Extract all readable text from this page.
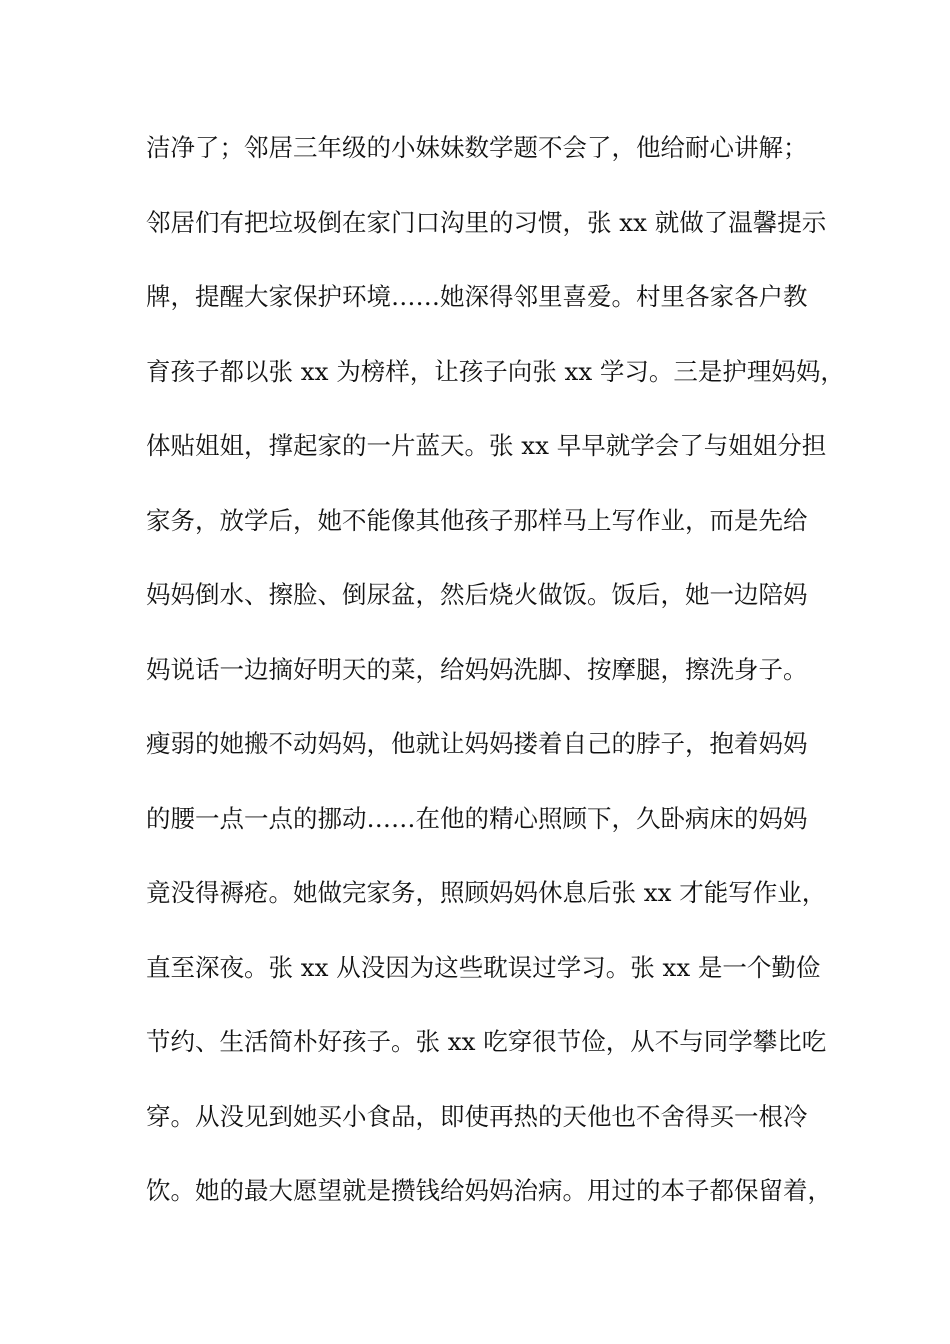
洁净了；邻居三年级的小妹妹数学题不会了，他给耐心讲解；
邻居们有把垃圾倒在家门口沟里的习惯，张 xx 就做了温馨提示
牌，提醒大家保护环境……她深得邻里喜爱。村里各家各户教
育孩子都以张 xx 为榜样，让孩子向张 xx 学习。三是护理妈妈，
体贴姐姐，撑起家的一片蓝天。张 xx 早早就学会了与姐姐分担
家务，放学后，她不能像其他孩子那样马上写作业，而是先给
妈妈倒水、擦脸、倒尿盆，然后烧火做饭。饭后，她一边陪妈
妈说话一边摘好明天的菜，给妈妈洗脚、按摩腿，擦洗身子。
瘦弱的她搬不动妈妈，他就让妈妈搂着自己的脖子，抱着妈妈
的腰一点一点的挪动……在他的精心照顾下，久卧病床的妈妈
竟没得褥疮。她做完家务，照顾妈妈休息后张 xx 才能写作业，
直至深夜。张 xx 从没因为这些耽误过学习。张 xx 是一个勤俭
节约、生活简朴好孩子。张 xx 吃穿很节俭，从不与同学攀比吃
穿。从没见到她买小食品，即使再热的天他也不舍得买一根冷
饮。她的最大愿望就是攒钱给妈妈治病。用过的本子都保留着，
